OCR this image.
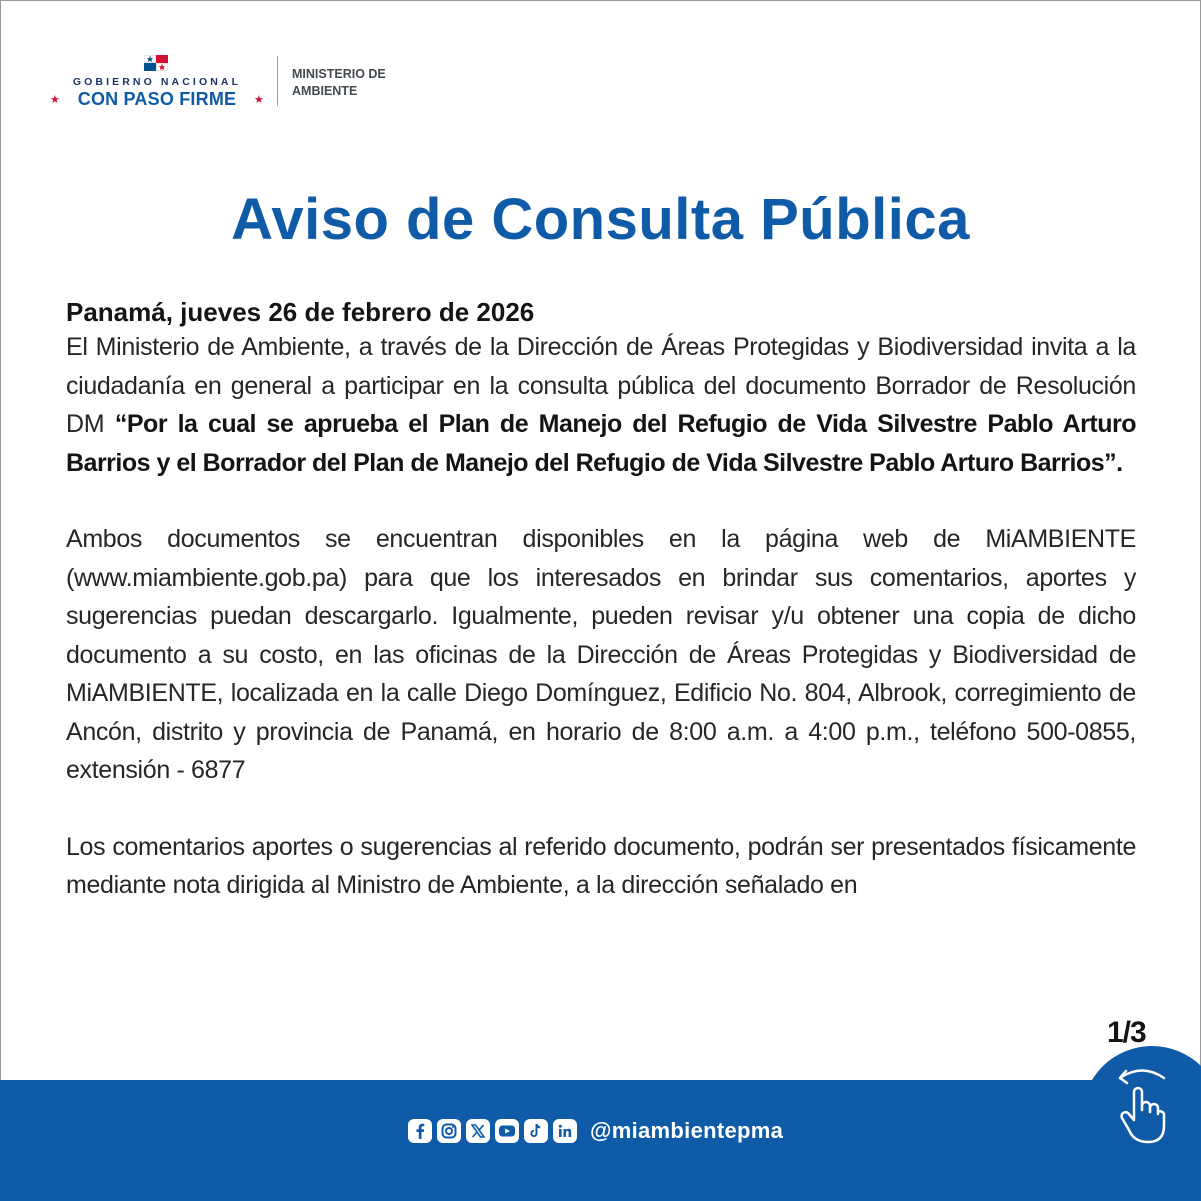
GOBIERNO NACIONAL
★ CON PASO FIRME	★
MINISTERIO DE AMBIENTE
Aviso de Consulta Pública

Panamá, jueves 26 de febrero de 2026

El Ministerio de Ambiente, a través de la Dirección de Áreas Protegidas y Biodiversidad invita a la ciudadanía en general a participar en la consulta pública del documento Borrador de Resolución DM “Por la cual se aprueba el Plan de Manejo del Refugio de Vida Silvestre Pablo Arturo Barrios y el Borrador del Plan de Manejo del Refugio de Vida Silvestre Pablo Arturo Barrios”.

Ambos documentos se encuentran disponibles en la página web de MiAMBIENTE (www.miambiente.gob.pa) para que los interesados en brindar sus comentarios, aportes y sugerencias puedan descargarlo. Igualmente, pueden revisar y/u obtener una copia de dicho documento a su costo, en las oficinas de la Dirección de Áreas Protegidas y Biodiversidad de MiAMBIENTE, localizada en la calle Diego Domínguez, Edificio No. 804, Albrook, corregimiento de Ancón, distrito y provincia de Panamá, en horario de 8:00 a.m. a 4:00 p.m., teléfono 500-0855, extensión - 6877

Los comentarios aportes o sugerencias al referido documento, podrán ser presentados físicamente mediante nota dirigida al Ministro de Ambiente, a la dirección señalado en

1/3
@miambientepma
